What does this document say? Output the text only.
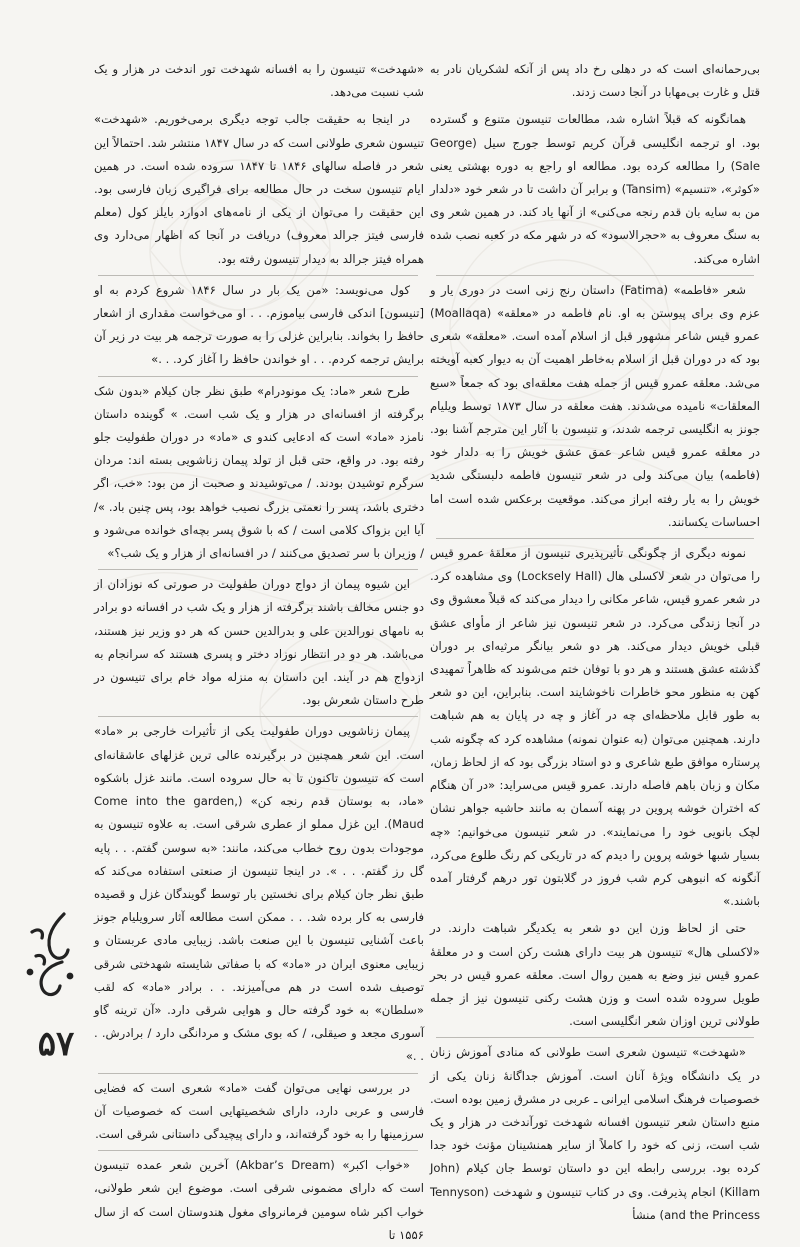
بی‌رحمانه‌ای است که در دهلی رخ داد پس از آنکه لشکریان نادر به قتل و غارت بی‌مهابا در آنجا دست زدند.

همانگونه که قبلاً اشاره شد، مطالعات تنیسون متنوع و گسترده بود. او ترجمه انگلیسی قرآن کریم توسط جورج سیل (George Sale) را مطالعه کرده بود. مطالعه او راجع به دوره بهشتی یعنی «کوثر»، «تنسیم» (Tansim) و برابر آن داشت تا در شعر خود «دلدار من به سایه بان قدم رنجه می‌کنی» از آنها یاد کند. در همین شعر وی به سنگ معروف به «حجرالاسود» که در شهر مکه در کعبه نصب شده اشاره می‌کند.

شعر «فاطمه» (Fatima) داستان رنج زنی است در دوری یار و عزم وی برای پیوستن به او. نام فاطمه در «معلقه» (Moallaqa) عمرو قیس شاعر مشهور قبل از اسلام آمده است. «معلقه» شعری بود که در دوران قبل از اسلام به‌خاطر اهمیت آن به دیوار کعبه آویخته می‌شد. معلقه عمرو قیس از جمله هفت معلقه‌ای بود که جمعاً «سبع المعلقات» نامیده می‌شدند. هفت معلقه در سال ۱۸۷۳ توسط ویلیام جونز به انگلیسی ترجمه شدند، و تنیسون با آثار این مترجم آشنا بود. در معلقه عمرو قیس شاعر عمق عشق خویش را به دلدار خود (فاطمه) بیان می‌کند ولی در شعر تنیسون فاطمه دلبستگی شدید خویش را به یار رفته ابراز می‌کند. موقعیت برعکس شده است اما احساسات یکسانند.

نمونه دیگری از چگونگی تأثیرپذیری تنیسون از معلقهٔ عمرو قیس را می‌توان در شعر لاکسلی هال (Locksely Hall) وی مشاهده کرد. در شعر عمرو قیس، شاعر مکانی را دیدار می‌کند که قبلاً معشوق وی در آنجا زندگی می‌کرد. در شعر تنیسون نیز شاعر از مأوای عشق قبلی خویش دیدار می‌کند. هر دو شعر بیانگر مرثیه‌ای بر دوران گذشته عشق هستند و هر دو با توفان ختم می‌شوند که ظاهراً تمهیدی کهن به منظور محو خاطرات ناخوشایند است. بنابراین، این دو شعر به طور قابل ملاحظه‌ای چه در آغاز و چه در پایان به هم شباهت دارند. همچنین می‌توان (به عنوان نمونه) مشاهده کرد که چگونه شب پرستاره موافق طبع شاعری و دو استاد بزرگی بود که از لحاظ زمان، مکان و زبان باهم فاصله دارند. عمرو قیس می‌سراید: «در آن هنگام که اختران خوشه پروین در پهنه آسمان به مانند حاشیه جواهر نشان لچک بانویی خود را می‌نمایند». در شعر تنیسون می‌خوانیم: «چه بسیار شبها خوشه پروین را دیدم که در تاریکی کم رنگ طلوع می‌کرد، آنگونه که انبوهی کرم شب فروز در گلابتون تور درهم گرفتار آمده باشند.»

حتی از لحاظ وزن این دو شعر به یکدیگر شباهت دارند. در «لاکسلی هال» تنیسون هر بیت دارای هشت رکن است و در معلقهٔ عمرو قیس نیز وضع به همین روال است. معلقه عمرو قیس در بحر طویل سروده شده است و وزن هشت رکنی تنیسون نیز از جمله طولانی ترین اوزان شعر انگلیسی است.

«شهدخت» تنیسون شعری است طولانی که منادی آموزش زنان در یک دانشگاه ویژهٔ آنان است. آموزش جداگانهٔ زنان یکی از خصوصیات فرهنگ اسلامی ایرانی ـ عربی در مشرق زمین بوده است. منبع داستان شعر تنیسون افسانه شهدخت تورآندخت در هزار و یک شب است، زنی که خود را کاملاً از سایر همنشینان مؤنث خود جدا کرده بود. بررسی رابطه این دو داستان توسط جان کیلام (John Killam) انجام پذیرفت. وی در کتاب تنیسون و شهدخت (Tennyson and the Princess) منشأ

«شهدخت» تنیسون را به افسانه شهدخت تور اندخت در هزار و یک شب نسبت می‌دهد.

در اینجا به حقیقت جالب توجه دیگری برمی‌خوریم. «شهدخت» تنیسون شعری طولانی است که در سال ۱۸۴۷ منتشر شد. احتمالاً این شعر در فاصله سالهای ۱۸۴۶ تا ۱۸۴۷ سروده شده است. در همین ایام تنیسون سخت در حال مطالعه برای فراگیری زبان فارسی بود. این حقیقت را می‌توان از یکی از نامه‌های ادوارد بایلز کول (معلم فارسی فیتز جرالد معروف) دریافت در آنجا که اظهار می‌دارد وی همراه فیتز جرالد به دیدار تنیسون رفته بود.

کول می‌نویسد: «من یک بار در سال ۱۸۴۶ شروع کردم به او [تنیسون] اندکی فارسی بیاموزم. . . او می‌خواست مقداری از اشعار حافظ را بخواند. بنابراین غزلی را به صورت ترجمه هر بیت در زیر آن برایش ترجمه کردم. . . او خواندن حافظ را آغاز کرد. . .»

طرح شعر «ماد: یک مونودرام» طبق نظر جان کیلام «بدون شک برگرفته از افسانه‌ای در هزار و یک شب است. » گوینده داستان نامزد «ماد» است که ادعایی کندو ی «ماد» در دوران طفولیت جلو رفته بود. در واقع، حتی قبل از تولد پیمان زناشویی بسته اند: مردان سرگرم توشیدن بودند. / می‌توشیدند و صحبت از من بود: «خب، اگر دختری باشد، پسر را نعمتی بزرگ نصیب خواهد بود، پس چنین باد. »/ آیا این بزواک کلامی است / که با شوق پسر بچه‌ای خوانده می‌شود و / وزیران با سر تصدیق می‌کنند / در افسانه‌ای از هزار و یک شب؟»

این شیوه پیمان از دواج دوران طفولیت در صورتی که نوزادان از دو جنس مخالف باشند برگرفته از هزار و یک شب در افسانه دو برادر به نامهای نورالدین علی و بدرالدین حسن که هر دو وزیر نیز هستند، می‌باشد. هر دو در انتظار نوزاد دختر و پسری هستند که سرانجام به ازدواج هم در آیند. این داستان به منزله مواد خام برای تنیسون در طرح داستان شعرش بود.

پیمان زناشویی دوران طفولیت یکی از تأثیرات خارجی بر «ماد» است. این شعر همچنین در برگیرنده عالی ترین غزلهای عاشقانه‌ای است که تنیسون تاکنون تا به حال سروده است. مانند غزل باشکوه «ماد، به بوستان قدم رنجه کن» (Come into the garden, Maud). این غزل مملو از عطری شرقی است. به علاوه تنیسون به موجودات بدون روح خطاب می‌کند، مانند: «به سوسن گفتم. . . پایه گل رز گفتم. . . ». در اینجا تنیسون از صنعتی استفاده می‌کند که طبق نظر جان کیلام برای نخستین بار توسط گویندگان غزل و قصیده فارسی به کار برده شد. . . ممکن است مطالعه آثار سرویلیام جونز باعث آشنایی تنیسون با این صنعت باشد. زیبایی مادی عربستان و زیبایی معنوی ایران در «ماد» که با صفاتی شایسته شهدختی شرقی توصیف شده است در هم می‌آمیزند. . . برادر «ماد» که لقب «سلطان» به خود گرفته حال و هوایی شرقی دارد. «آن ترینه گاو آسوری مجعد و صیقلی، / که بوی مشک و مردانگی دارد / برادرش. . . .»

در بررسی نهایی می‌توان گفت «ماد» شعری است که فضایی فارسی و عربی دارد، دارای شخصیتهایی است که خصوصیات آن سرزمینها را به خود گرفته‌اند، و دارای پیچیدگی داستانی شرقی است.

«خواب اکبر» (Akbar’s Dream) آخرین شعر عمده تنیسون است که دارای مضمونی شرقی است. موضوع این شعر طولانی، خواب اکبر شاه سومین فرمانروای مغول هندوستان است که از سال ۱۵۵۶ تا

۵۷
